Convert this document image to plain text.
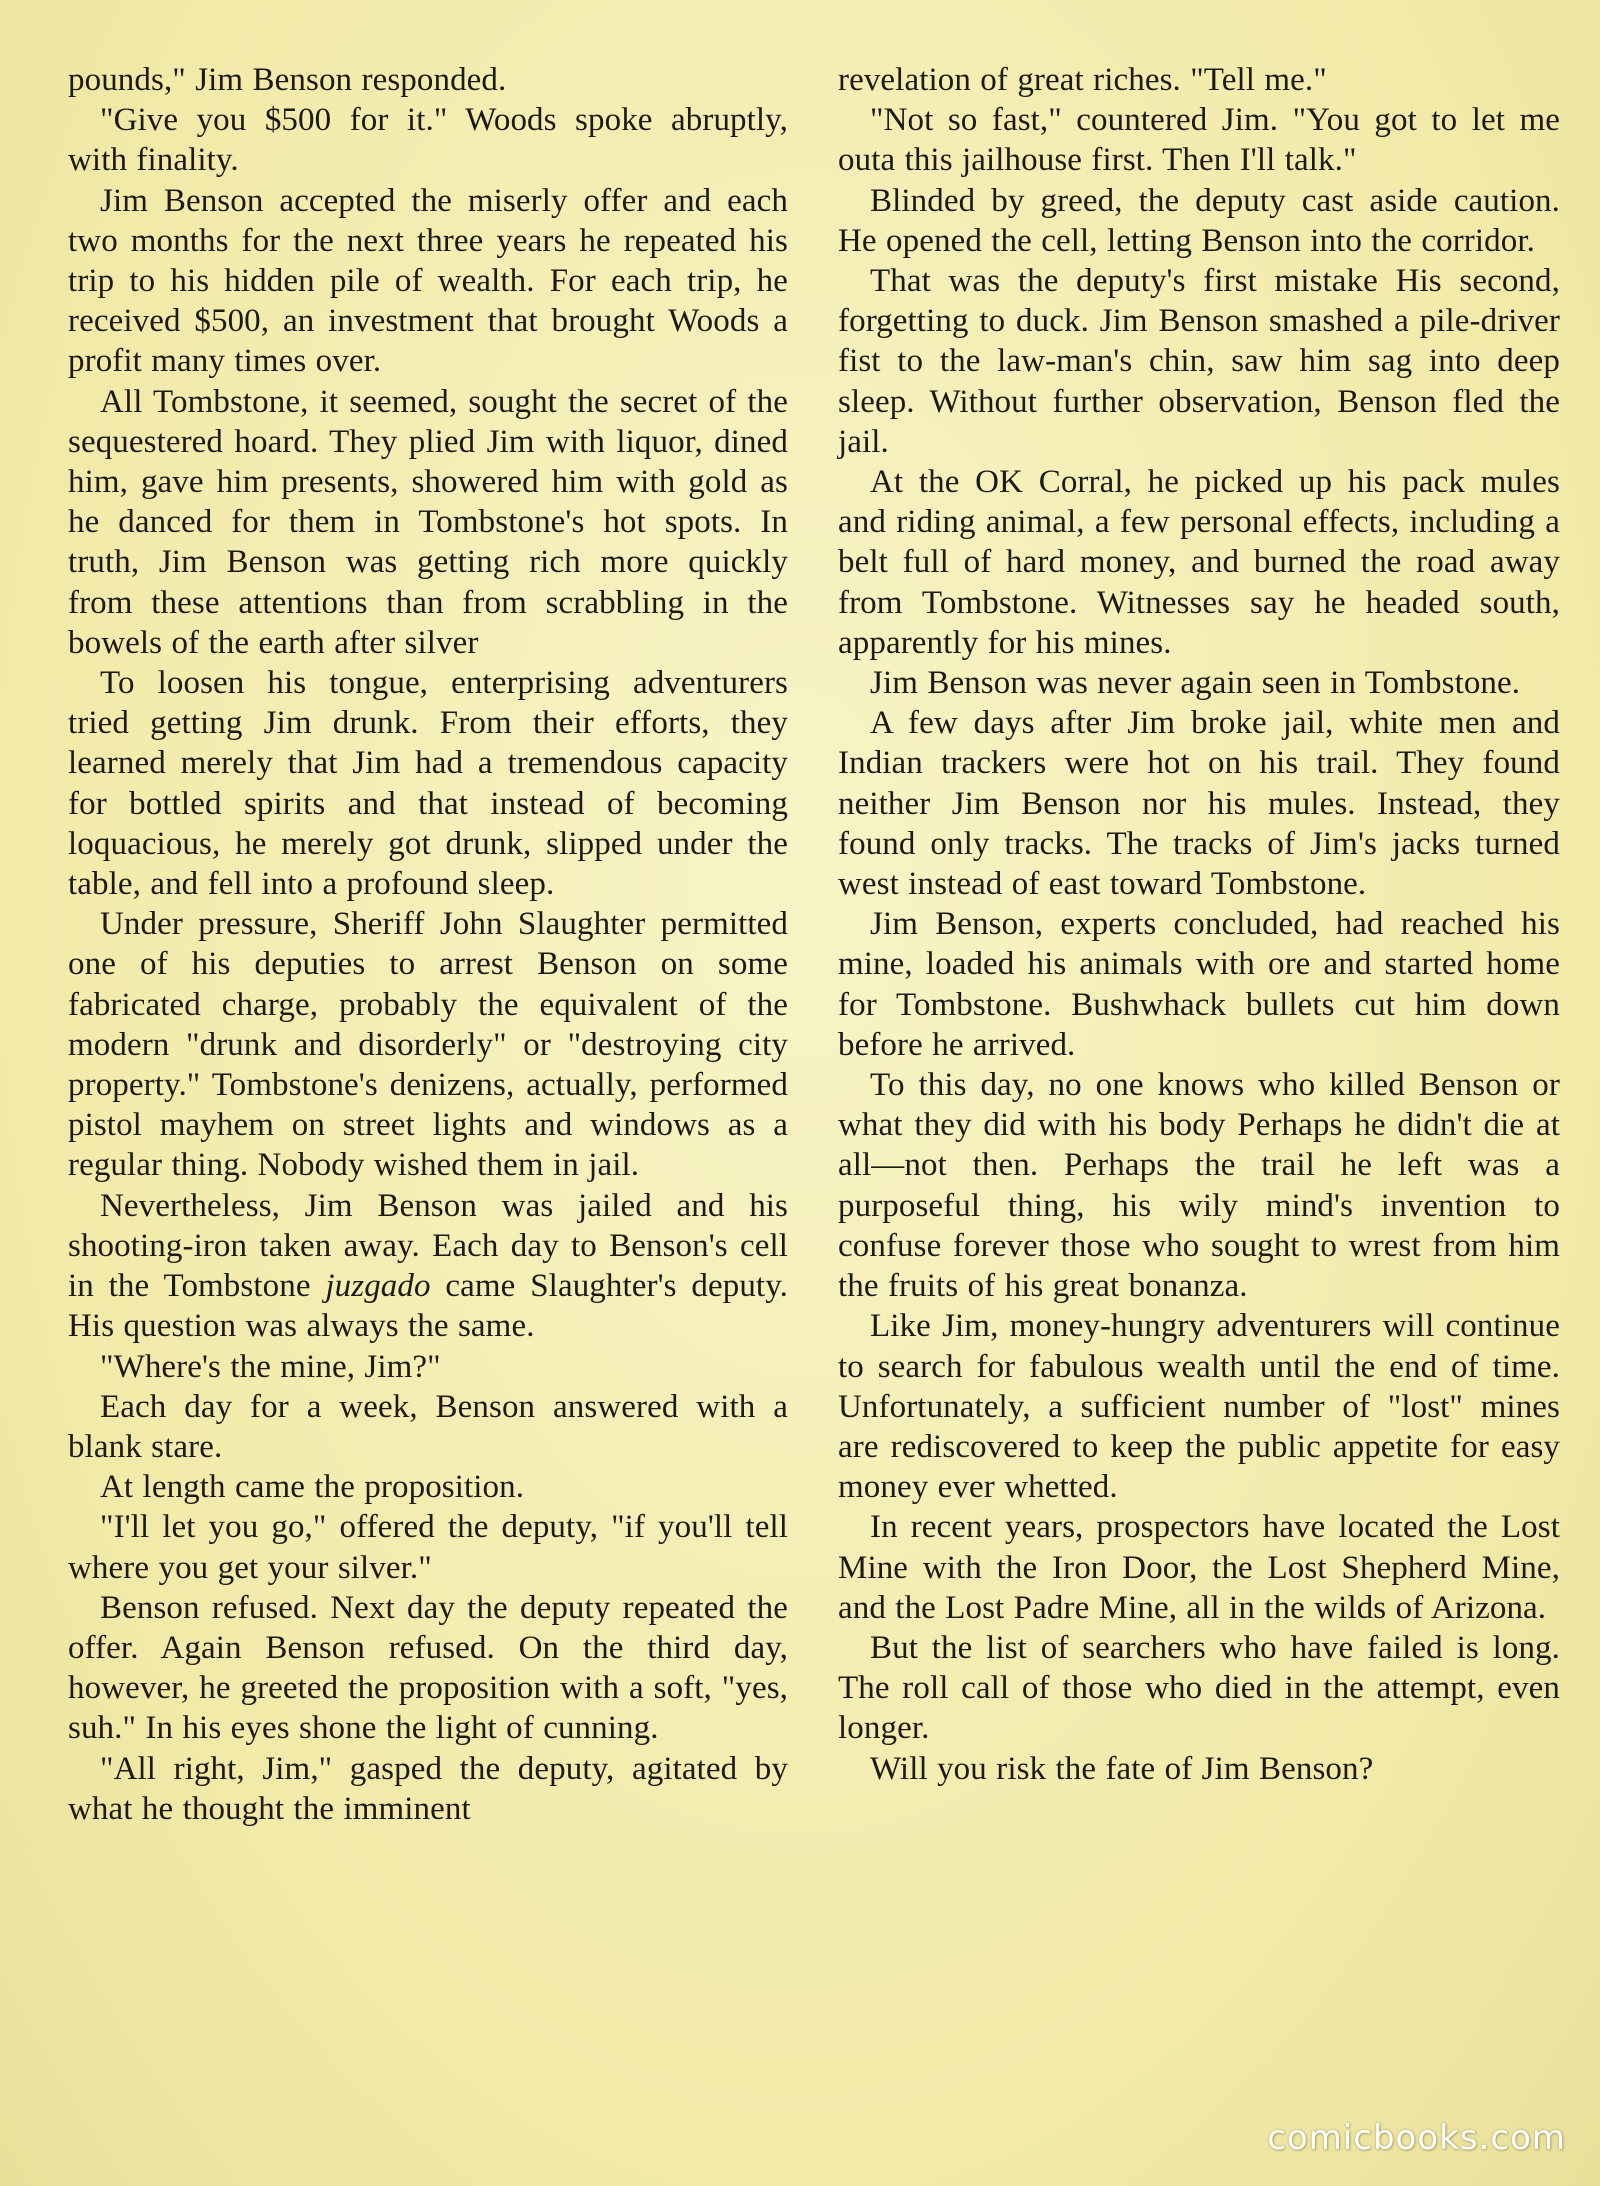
pounds," Jim Benson responded.

"Give you $500 for it." Woods spoke abruptly, with finality.

Jim Benson accepted the miserly offer and each two months for the next three years he repeated his trip to his hidden pile of wealth. For each trip, he received $500, an investment that brought Woods a profit many times over.

All Tombstone, it seemed, sought the secret of the sequestered hoard. They plied Jim with liquor, dined him, gave him presents, showered him with gold as he danced for them in Tombstone's hot spots. In truth, Jim Benson was getting rich more quickly from these attentions than from scrabbling in the bowels of the earth after silver

To loosen his tongue, enterprising adventurers tried getting Jim drunk. From their efforts, they learned merely that Jim had a tremendous capacity for bottled spirits and that instead of becoming loquacious, he merely got drunk, slipped under the table, and fell into a profound sleep.

Under pressure, Sheriff John Slaughter permitted one of his deputies to arrest Benson on some fabricated charge, probably the equivalent of the modern "drunk and disorderly" or "destroying city property." Tombstone's denizens, actually, performed pistol mayhem on street lights and windows as a regular thing. Nobody wished them in jail.

Nevertheless, Jim Benson was jailed and his shooting-iron taken away. Each day to Benson's cell in the Tombstone juzgado came Slaughter's deputy. His question was always the same.

"Where's the mine, Jim?"

Each day for a week, Benson answered with a blank stare.

At length came the proposition.

"I'll let you go," offered the deputy, "if you'll tell where you get your silver."

Benson refused. Next day the deputy repeated the offer. Again Benson refused. On the third day, however, he greeted the proposition with a soft, "yes, suh." In his eyes shone the light of cunning.

"All right, Jim," gasped the deputy, agitated by what he thought the imminent

revelation of great riches. "Tell me."

"Not so fast," countered Jim. "You got to let me outa this jailhouse first. Then I'll talk."

Blinded by greed, the deputy cast aside caution. He opened the cell, letting Benson into the corridor.

That was the deputy's first mistake His second, forgetting to duck. Jim Benson smashed a pile-driver fist to the law-man's chin, saw him sag into deep sleep. Without further observation, Benson fled the jail.

At the OK Corral, he picked up his pack mules and riding animal, a few personal effects, including a belt full of hard money, and burned the road away from Tombstone. Witnesses say he headed south, apparently for his mines.

Jim Benson was never again seen in Tombstone.

A few days after Jim broke jail, white men and Indian trackers were hot on his trail. They found neither Jim Benson nor his mules. Instead, they found only tracks. The tracks of Jim's jacks turned west instead of east toward Tombstone.

Jim Benson, experts concluded, had reached his mine, loaded his animals with ore and started home for Tombstone. Bushwhack bullets cut him down before he arrived.

To this day, no one knows who killed Benson or what they did with his body Perhaps he didn't die at all—not then. Perhaps the trail he left was a purposeful thing, his wily mind's invention to confuse forever those who sought to wrest from him the fruits of his great bonanza.

Like Jim, money-hungry adventurers will continue to search for fabulous wealth until the end of time. Unfortunately, a sufficient number of "lost" mines are rediscovered to keep the public appetite for easy money ever whetted.

In recent years, prospectors have located the Lost Mine with the Iron Door, the Lost Shepherd Mine, and the Lost Padre Mine, all in the wilds of Arizona.

But the list of searchers who have failed is long. The roll call of those who died in the attempt, even longer.

Will you risk the fate of Jim Benson?

comicbooks.com
